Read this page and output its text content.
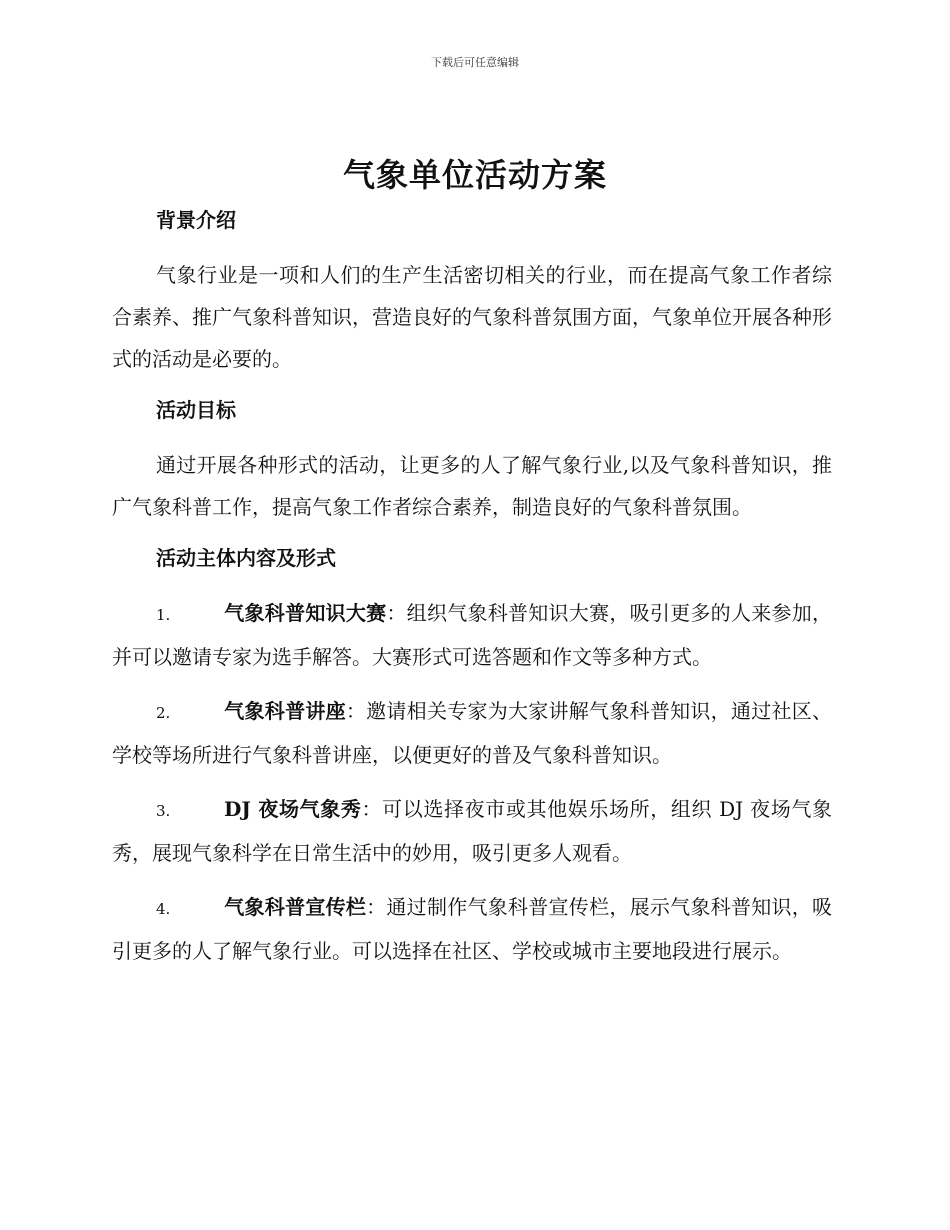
下载后可任意编辑
气象单位活动方案
背景介绍

气象行业是一项和人们的生产生活密切相关的行业，而在提高气象工作者综合素养、推广气象科普知识，营造良好的气象科普氛围方面，气象单位开展各种形式的活动是必要的。

活动目标

通过开展各种形式的活动，让更多的人了解气象行业,以及气象科普知识，推广气象科普工作，提高气象工作者综合素养，制造良好的气象科普氛围。

活动主体内容及形式

1.	气象科普知识大赛：组织气象科普知识大赛，吸引更多的人来参加，并可以邀请专家为选手解答。大赛形式可选答题和作文等多种方式。

2.	气象科普讲座：邀请相关专家为大家讲解气象科普知识，通过社区、学校等场所进行气象科普讲座，以便更好的普及气象科普知识。

3.	DJ 夜场气象秀：可以选择夜市或其他娱乐场所，组织 DJ 夜场气象秀，展现气象科学在日常生活中的妙用，吸引更多人观看。

4.	气象科普宣传栏：通过制作气象科普宣传栏，展示气象科普知识，吸引更多的人了解气象行业。可以选择在社区、学校或城市主要地段进行展示。
